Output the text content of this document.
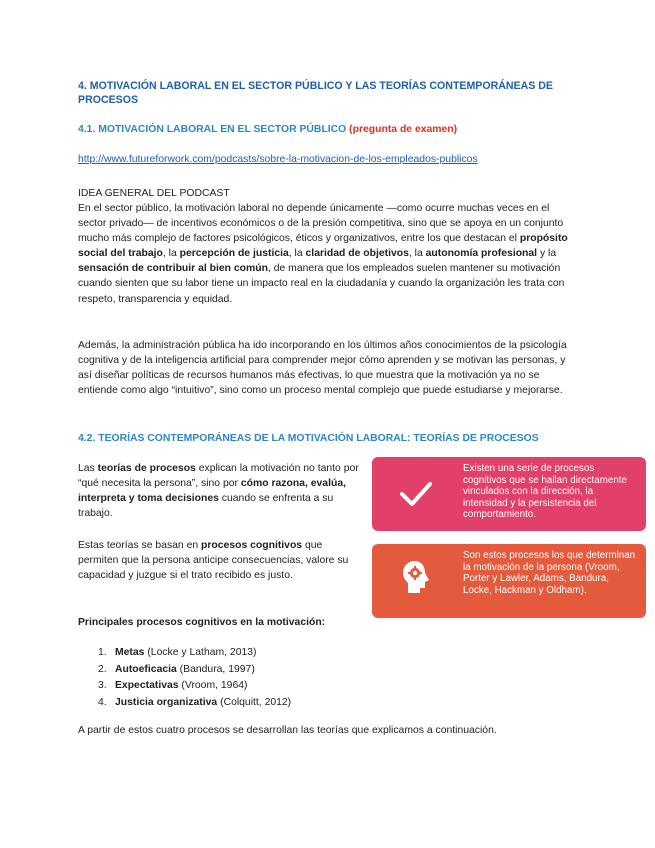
4. MOTIVACIÓN LABORAL EN EL SECTOR PÚBLICO Y LAS TEORÍAS CONTEMPORÁNEAS DE PROCESOS
4.1. MOTIVACIÓN LABORAL EN EL SECTOR PÚBLICO (pregunta de examen)
http://www.futureforwork.com/podcasts/sobre-la-motivacion-de-los-empleados-publicos
IDEA GENERAL DEL PODCAST
En el sector público, la motivación laboral no depende únicamente —como ocurre muchas veces en el sector privado— de incentivos económicos o de la presión competitiva, sino que se apoya en un conjunto mucho más complejo de factores psicológicos, éticos y organizativos, entre los que destacan el propósito social del trabajo, la percepción de justicia, la claridad de objetivos, la autonomía profesional y la sensación de contribuir al bien común, de manera que los empleados suelen mantener su motivación cuando sienten que su labor tiene un impacto real en la ciudadanía y cuando la organización les trata con respeto, transparencia y equidad.
Además, la administración pública ha ido incorporando en los últimos años conocimientos de la psicología cognitiva y de la inteligencia artificial para comprender mejor cómo aprenden y se motivan las personas, y así diseñar políticas de recursos humanos más efectivas, lo que muestra que la motivación ya no se entiende como algo “intuitivo”, sino como un proceso mental complejo que puede estudiarse y mejorarse.
4.2. TEORÍAS CONTEMPORÁNEAS DE LA MOTIVACIÓN LABORAL: TEORÍAS DE PROCESOS
Las teorías de procesos explican la motivación no tanto por “qué necesita la persona”, sino por cómo razona, evalúa, interpreta y toma decisiones cuando se enfrenta a su trabajo.
Estas teorías se basan en procesos cognitivos que permiten que la persona anticipe consecuencias, valore su capacidad y juzgue si el trato recibido es justo.
Principales procesos cognitivos en la motivación:
1. Metas (Locke y Latham, 2013)
2. Autoeficacia (Bandura, 1997)
3. Expectativas (Vroom, 1964)
4. Justicia organizativa (Colquitt, 2012)
A partir de estos cuatro procesos se desarrollan las teorías que explicamos a continuación.
Existen una serie de procesos cognitivos que se hallan directamente vinculados con la dirección, la intensidad y la persistencia del comportamiento.
Son estos procesos los que determinan la motivación de la persona (Vroom, Porter y Lawler, Adams, Bandura, Locke, Hackman y Oldham).
